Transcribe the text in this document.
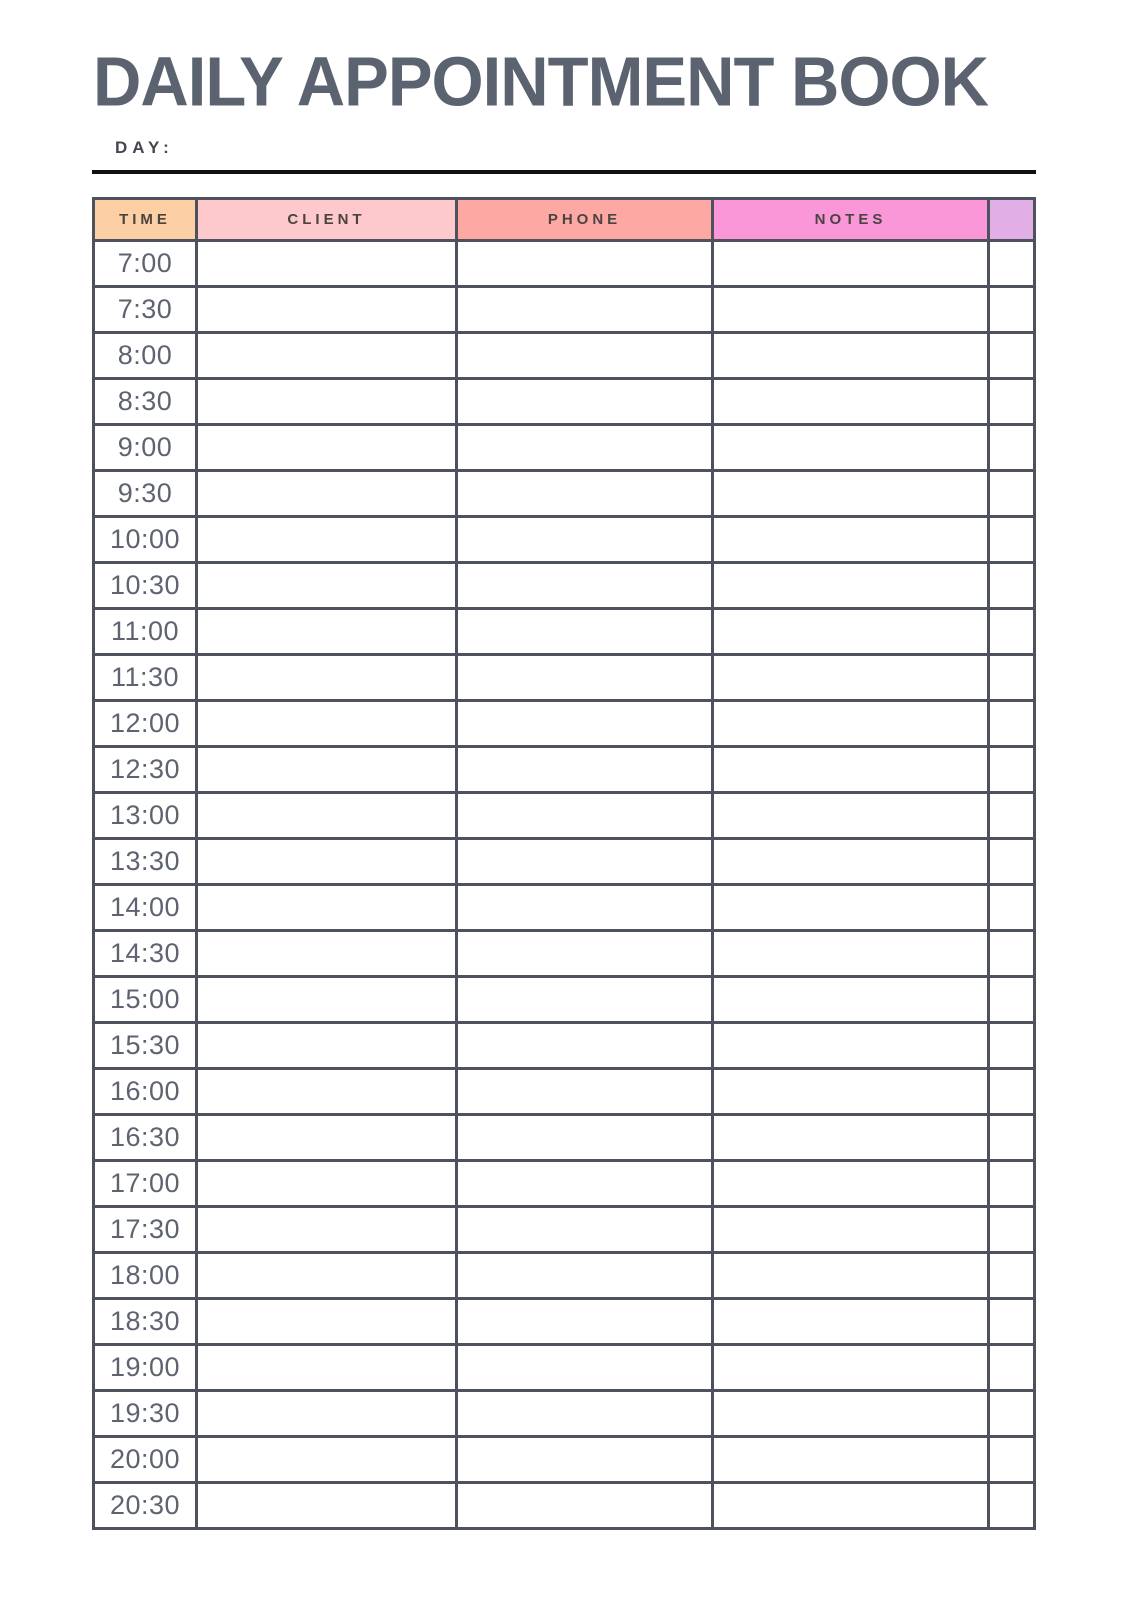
DAILY APPOINTMENT BOOK
DAY:
TIME	CLIENT	PHONE	NOTES	
7:00				
7:30				
8:00				
8:30				
9:00				
9:30				
10:00				
10:30				
11:00				
11:30				
12:00				
12:30				
13:00				
13:30				
14:00				
14:30				
15:00				
15:30				
16:00				
16:30				
17:00				
17:30				
18:00				
18:30				
19:00				
19:30				
20:00				
20:30				
